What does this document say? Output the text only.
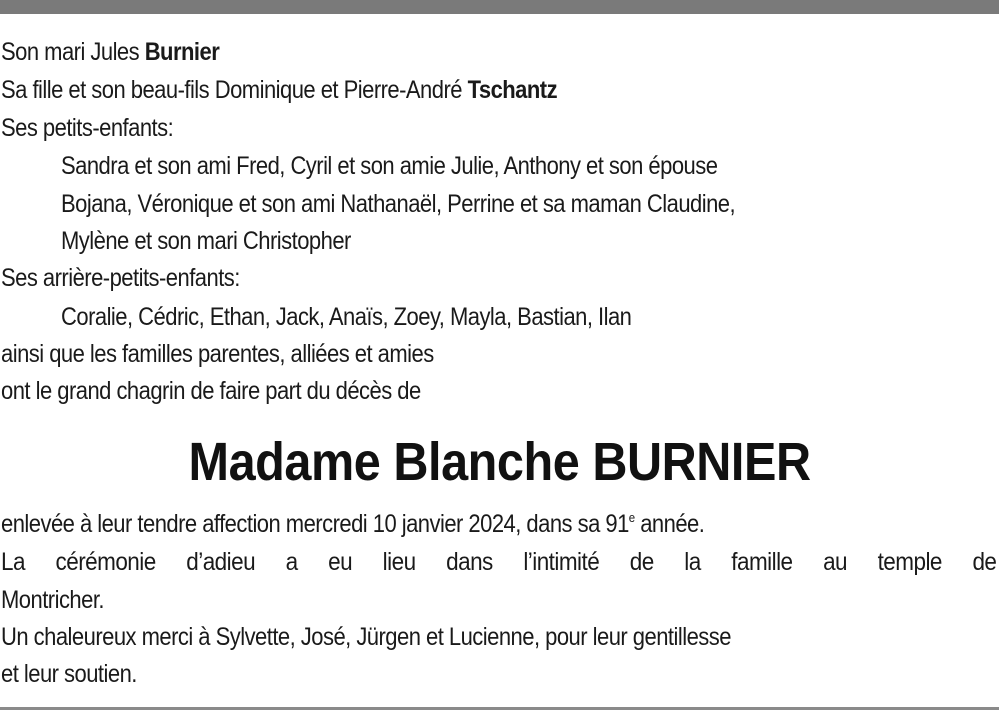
Son mari Jules Burnier

Sa fille et son beau-fils Dominique et Pierre-André Tschantz

Ses petits-enfants:

Sandra et son ami Fred, Cyril et son amie Julie, Anthony et son épouse

Bojana, Véronique et son ami Nathanaël, Perrine et sa maman Claudine,

Mylène et son mari Christopher

Ses arrière-petits-enfants:

Coralie, Cédric, Ethan, Jack, Anaïs, Zoey, Mayla, Bastian, Ilan

ainsi que les familles parentes, alliées et amies

ont le grand chagrin de faire part du décès de

Madame Blanche BURNIER

enlevée à leur tendre affection mercredi 10 janvier 2024, dans sa 91e année.

La cérémonie d’adieu a eu lieu dans l’intimité de la famille au temple de

Montricher.

Un chaleureux merci à Sylvette, José, Jürgen et Lucienne, pour leur gentillesse

et leur soutien.
